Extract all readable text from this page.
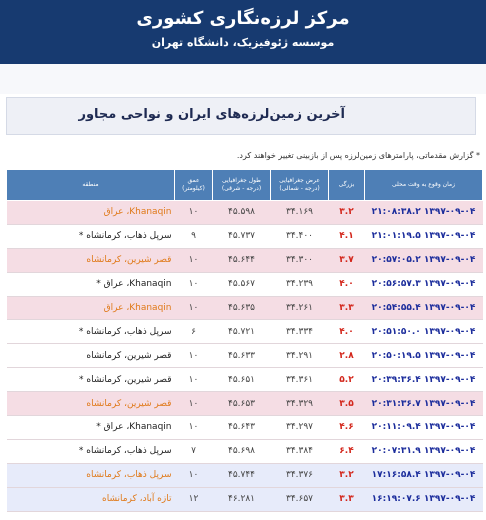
مرکز لرزه‌نگاری کشوری
موسسه ژئوفیزیک، دانشگاه تهران
آخرین زمین‌لرزه‌های ایران و نواحی مجاور
* گزارش مقدماتی، پارامترهای زمین‌لرزه پس از بازبینی تغییر خواهند کرد.
زمان وقوع به وقت محلی	بزرگی	عرض جغرافیایی (درجه - شمالی)	طول جغرافیایی (درجه - شرقی)	عمق (کیلومتر)	منطقه
۱۳۹۷-۰۹-۰۴ ۲۱:۰۸:۳۸.۲	۳.۲	۳۴.۱۶۹	۴۵.۵۹۸	۱۰	Khanaqin، عراق
۱۳۹۷-۰۹-۰۴ ۲۱:۰۱:۱۹.۵	۴.۱	۳۴.۴۰۰	۴۵.۷۳۷	۹	سرپل ذهاب، کرمانشاه *
۱۳۹۷-۰۹-۰۴ ۲۰:۵۷:۰۵.۲	۳.۷	۳۴.۳۰۰	۴۵.۶۴۴	۱۰	قصر شیرین، کرمانشاه
۱۳۹۷-۰۹-۰۴ ۲۰:۵۶:۵۷.۳	۴.۰	۳۴.۲۳۹	۴۵.۵۶۷	۱۰	Khanaqin، عراق *
۱۳۹۷-۰۹-۰۴ ۲۰:۵۴:۵۵.۴	۳.۳	۳۴.۲۶۱	۴۵.۶۳۵	۱۰	Khanaqin، عراق
۱۳۹۷-۰۹-۰۴ ۲۰:۵۱:۵۰.۰	۴.۰	۳۴.۳۳۴	۴۵.۷۲۱	۶	سرپل ذهاب، کرمانشاه *
۱۳۹۷-۰۹-۰۴ ۲۰:۵۰:۱۹.۵	۲.۸	۳۴.۲۹۱	۴۵.۶۳۳	۱۰	قصر شیرین، کرمانشاه
۱۳۹۷-۰۹-۰۴ ۲۰:۳۹:۳۶.۴	۵.۲	۳۴.۳۶۱	۴۵.۶۵۱	۱۰	قصر شیرین، کرمانشاه *
۱۳۹۷-۰۹-۰۴ ۲۰:۳۱:۳۶.۷	۳.۵	۳۴.۳۲۹	۴۵.۶۵۳	۱۰	قصر شیرین، کرمانشاه
۱۳۹۷-۰۹-۰۴ ۲۰:۱۱:۰۹.۴	۴.۶	۳۴.۲۹۷	۴۵.۶۴۳	۱۰	Khanaqin، عراق *
۱۳۹۷-۰۹-۰۴ ۲۰:۰۷:۳۱.۹	۶.۴	۳۴.۳۸۴	۴۵.۶۹۸	۷	سرپل ذهاب، کرمانشاه *
۱۳۹۷-۰۹-۰۴ ۱۷:۱۶:۵۸.۴	۳.۲	۳۴.۳۷۶	۴۵.۷۴۴	۱۰	سرپل ذهاب، کرمانشاه
۱۳۹۷-۰۹-۰۴ ۱۶:۱۹:۰۷.۶	۳.۳	۳۴.۶۵۷	۴۶.۲۸۱	۱۲	تازه آباد، کرمانشاه
